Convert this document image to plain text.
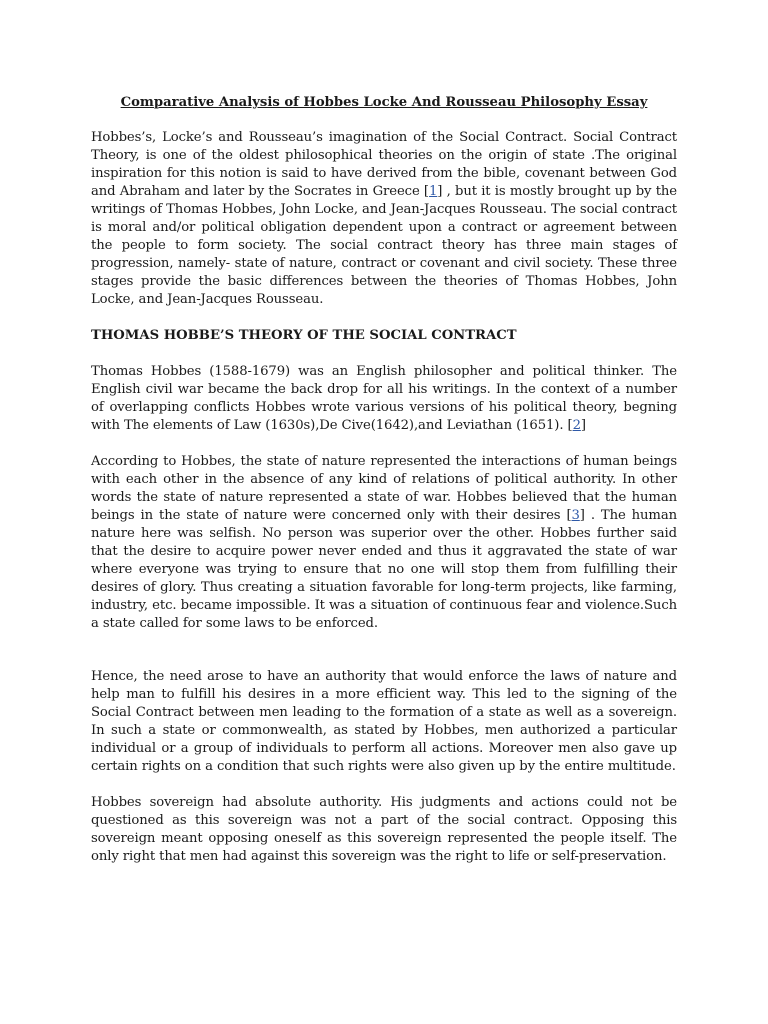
Comparative Analysis of Hobbes Locke And Rousseau Philosophy Essay

Hobbes’s, Locke’s and Rousseau’s imagination of the Social Contract. Social Contract Theory, is one of the oldest philosophical theories on the origin of state .The original inspiration for this notion is said to have derived from the bible, covenant between God and Abraham and later by the Socrates in Greece [1] , but it is mostly brought up by the writings of Thomas Hobbes, John Locke, and Jean-Jacques Rousseau. The social contract is moral and/or political obligation dependent upon a contract or agreement between the people to form society. The social contract theory has three main stages of progression, namely- state of nature, contract or covenant and civil society. These three stages provide the basic differences between the theories of Thomas Hobbes, John Locke, and Jean-Jacques Rousseau.

THOMAS HOBBE’S THEORY OF THE SOCIAL CONTRACT

Thomas Hobbes (1588-1679) was an English philosopher and political thinker. The English civil war became the back drop for all his writings. In the context of a number of overlapping conflicts Hobbes wrote various versions of his political theory, begning with The elements of Law (1630s),De Cive(1642),and Leviathan (1651). [2]

According to Hobbes, the state of nature represented the interactions of human beings with each other in the absence of any kind of relations of political authority. In other words the state of nature represented a state of war. Hobbes believed that the human beings in the state of nature were concerned only with their desires [3] . The human nature here was selfish. No person was superior over the other. Hobbes further said that the desire to acquire power never ended and thus it aggravated the state of war where everyone was trying to ensure that no one will stop them from fulfilling their desires of glory. Thus creating a situation favorable for long-term projects, like farming, industry, etc. became impossible. It was a situation of continuous fear and violence.Such a state called for some laws to be enforced.

Hence, the need arose to have an authority that would enforce the laws of nature and help man to fulfill his desires in a more efficient way. This led to the signing of the Social Contract between men leading to the formation of a state as well as a sovereign. In such a state or commonwealth, as stated by Hobbes, men authorized a particular individual or a group of individuals to perform all actions. Moreover men also gave up certain rights on a condition that such rights were also given up by the entire multitude.

Hobbes sovereign had absolute authority. His judgments and actions could not be questioned as this sovereign was not a part of the social contract. Opposing this sovereign meant opposing oneself as this sovereign represented the people itself. The only right that men had against this sovereign was the right to life or self-preservation.
